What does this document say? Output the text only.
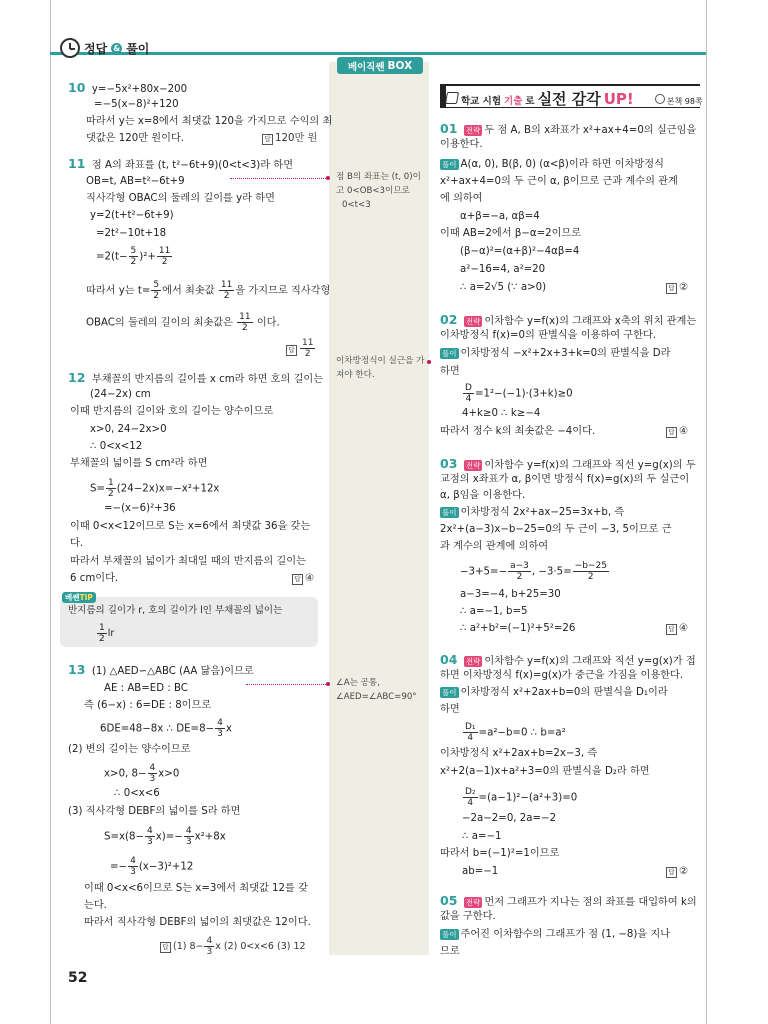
정답 & 풀이
베이직쎈 BOX
점 B의 좌표는 (t, 0)이
고 0<OB<3이므로
0<t<3
이차방정식이 실근을 가
져야 한다.
∠A는 공통,
∠AED=∠ABC=90°
10 y=−5x²+80x−200
=−5(x−8)²+120
따라서 y는 x=8에서 최댓값 120을 가지므로 수익의 최
댓값은 120만 원이다.	답 120만 원
11 점 A의 좌표를 (t, t²−6t+9)(0<t<3)라 하면
OB=t, AB=t²−6t+9
직사각형 OBAC의 둘레의 길이를 y라 하면
y=2(t+t²−6t+9)
=2t²−10t+18
$=2(t- \frac{5}{2} )^2+ \frac{11}{2}$
따라서 y는 $t= \frac{5}{2}$ 에서 최솟값 $\frac{11}{2}$ 을 가지므로 직사각형
OBAC의 둘레의 길이의 최솟값은 $\frac{11}{2}$ 이다.
답 $\frac{11}{2}$
12 부채꼴의 반지름의 길이를 x cm라 하면 호의 길이는
(24−2x) cm
이때 반지름의 길이와 호의 길이는 양수이므로
x>0, 24−2x>0
∴ 0<x<12
부채꼴의 넓이를 S cm²라 하면
$S= \frac{1}{2} (24-2x)x=-x^2+12x$
=−(x−6)²+36
이때 0<x<12이므로 S는 x=6에서 최댓값 36을 갖는
다.
따라서 부채꼴의 넓이가 최대일 때의 반지름의 길이는
6 cm이다.	답 ④
베쎈TIP
반지름의 길이가 r, 호의 길이가 l인 부채꼴의 넓이는
$\frac{1}{2}$ lr
13 (1) △AED∽△ABC (AA 닮음)이므로
AE : AB=ED : BC
즉 (6−x) : 6=DE : 8이므로
6DE=48−8x ∴ $DE=8- \frac{4}{3}$ x
(2) 변의 길이는 양수이므로
x>0, $8- \frac{4}{3} x>0$
∴ 0<x<6
(3) 직사각형 DEBF의 넓이를 S라 하면
$S=x(8- \frac{4}{3} x)=- \frac{4}{3} x^2+8x$
=− $\frac{4}{3} (x-3)^2+12$
이때 0<x<6이므로 S는 x=3에서 최댓값 12를 갖
는다.
따라서 직사각형 DEBF의 넓이의 최댓값은 12이다.
답 (1) $8- \frac{4}{3}$ x (2) 0<x<6 (3) 12
52
학교 시험 기출 로 실전 감각 UP!	본책 98쪽
01 전략 두 점 A, B의 x좌표가 x²+ax+4=0의 실근임을
이용한다.
풀이 A(α, 0), B(β, 0) (α<β)이라 하면 이차방정식
x²+ax+4=0의 두 근이 α, β이므로 근과 계수의 관계
에 의하여
α+β=−a, αβ=4
이때 AB=2에서 β−α=2이므로
(β−α)²=(α+β)²−4αβ=4
a²−16=4, a²=20
∴ a=2√5 (∵ a>0)	답 ②
02 전략 이차함수 y=f(x)의 그래프와 x축의 위치 관계는
이차방정식 f(x)=0의 판별식을 이용하여 구한다.
풀이 이차방정식 −x²+2x+3+k=0의 판별식을 D라
하면
$\frac{D}{4} =1^2-(-1)\cdot(3+k)\ge 0$
4+k≥0 ∴ k≥−4
따라서 정수 k의 최솟값은 −4이다.	답 ④
03 전략 이차함수 y=f(x)의 그래프와 직선 y=g(x)의 두
교점의 x좌표가 α, β이면 방정식 f(x)=g(x)의 두 실근이
α, β임을 이용한다.
풀이 이차방정식 2x²+ax−25=3x+b, 즉
2x²+(a−3)x−b−25=0의 두 근이 −3, 5이므로 근
과 계수의 관계에 의하여
$-3+5=- \frac{a-3}{2}$ , $-3\cdot 5= \frac{-b-25}{2}$
a−3=−4, b+25=30
∴ a=−1, b=5
∴ a²+b²=(−1)²+5²=26	답 ④
04 전략 이차함수 y=f(x)의 그래프와 직선 y=g(x)가 접
하면 이차방정식 f(x)=g(x)가 중근을 가짐을 이용한다.
풀이 이차방정식 x²+2ax+b=0의 판별식을 D₁이라
하면
$\frac{\text{D₁}}{4} =a^2-b=0$ ∴ b=a²
이차방정식 x²+2ax+b=2x−3, 즉
x²+2(a−1)x+a²+3=0의 판별식을 D₂라 하면
$\frac{\text{D₂}}{4} =(a-1)^2-(a^2+3)=0$
−2a−2=0, 2a=−2
∴ a=−1
따라서 b=(−1)²=1이므로
ab=−1	답 ②
05 전략 먼저 그래프가 지나는 점의 좌표를 대입하여 k의
값을 구한다.
풀이 주어진 이차함수의 그래프가 점 (1, −8)을 지나
므로
